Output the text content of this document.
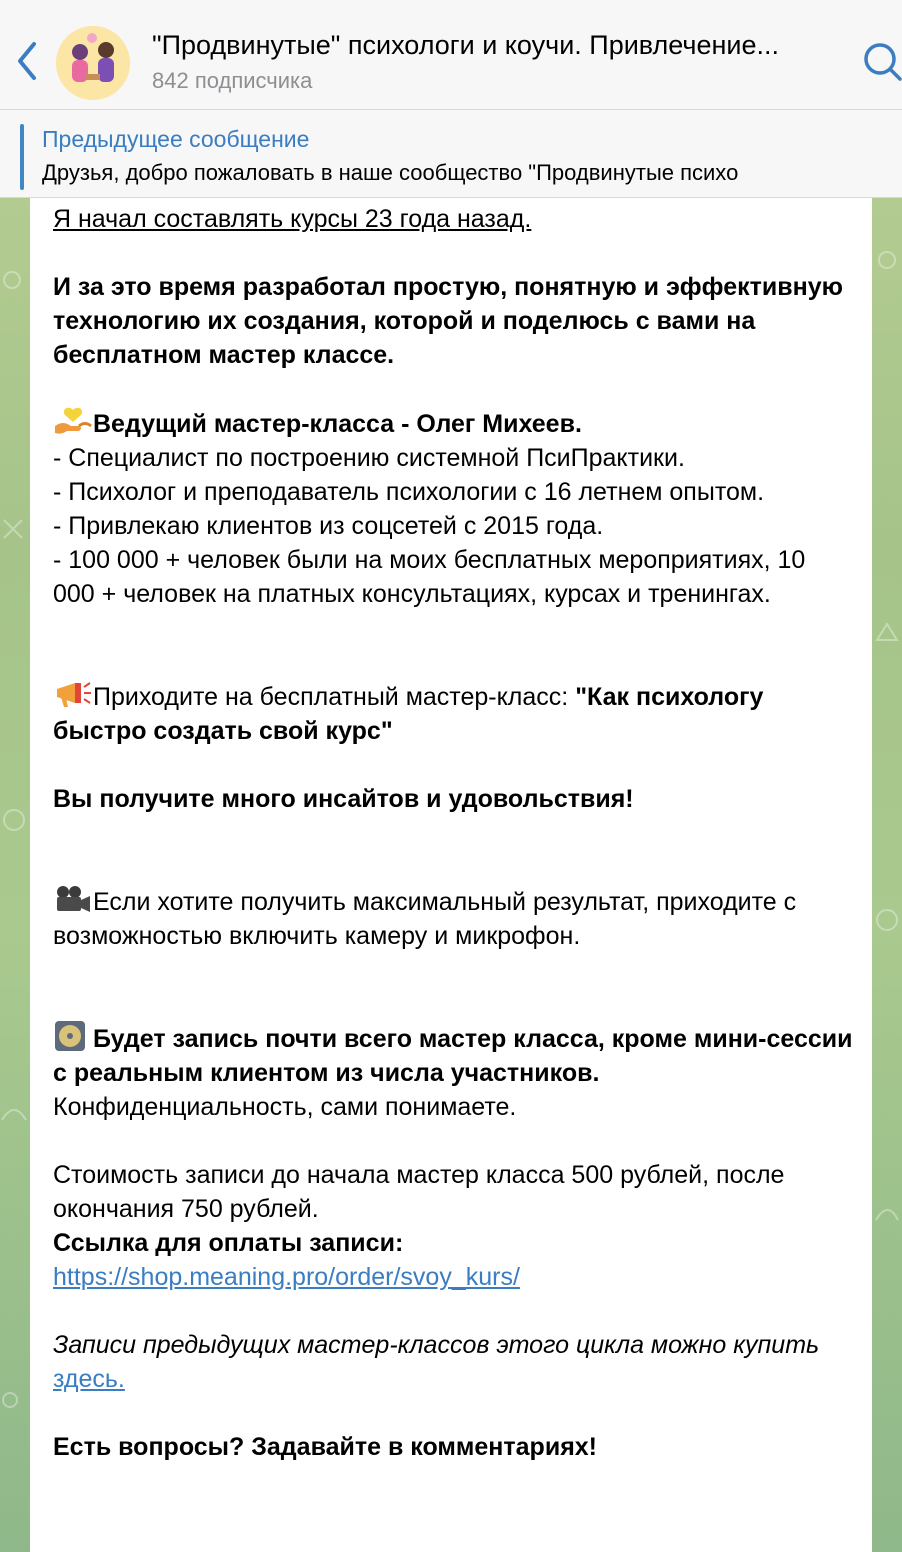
"Продвинутые" психологи и коучи. Привлечение...
842 подписчика
Предыдущее сообщение
Друзья, добро пожаловать в наше сообщество "Продвинутые психо

Я начал составлять курсы 23 года назад.

И за это время разработал простую, понятную и эффективную технологию их создания, которой и поделюсь с вами на бесплатном мастер классе.

Ведущий мастер-класса - Олег Михеев.

- Специалист по построению системной ПсиПрактики.

- Психолог и преподаватель психологии с 16 летнем опытом.

- Привлекаю клиентов из соцсетей с 2015 года.

- 100 000 + человек были на моих бесплатных мероприятиях, 10 000 + человек на платных консультациях, курсах и тренингах.

Приходите на бесплатный мастер-класс: "Как психологу быстро создать свой курс"

Вы получите много инсайтов и удовольствия!

Если хотите получить максимальный результат, приходите с возможностью включить камеру и микрофон.

Будет запись почти всего мастер класса, кроме мини-сессии с реальным клиентом из числа участников. Конфиденциальность, сами понимаете.

Стоимость записи до начала мастер класса 500 рублей, после окончания 750 рублей.

Ссылка для оплаты записи: https://shop.meaning.pro/order/svoy_kurs/

Записи предыдущих мастер-классов этого цикла можно купить здесь.

Есть вопросы? Задавайте в комментариях!
